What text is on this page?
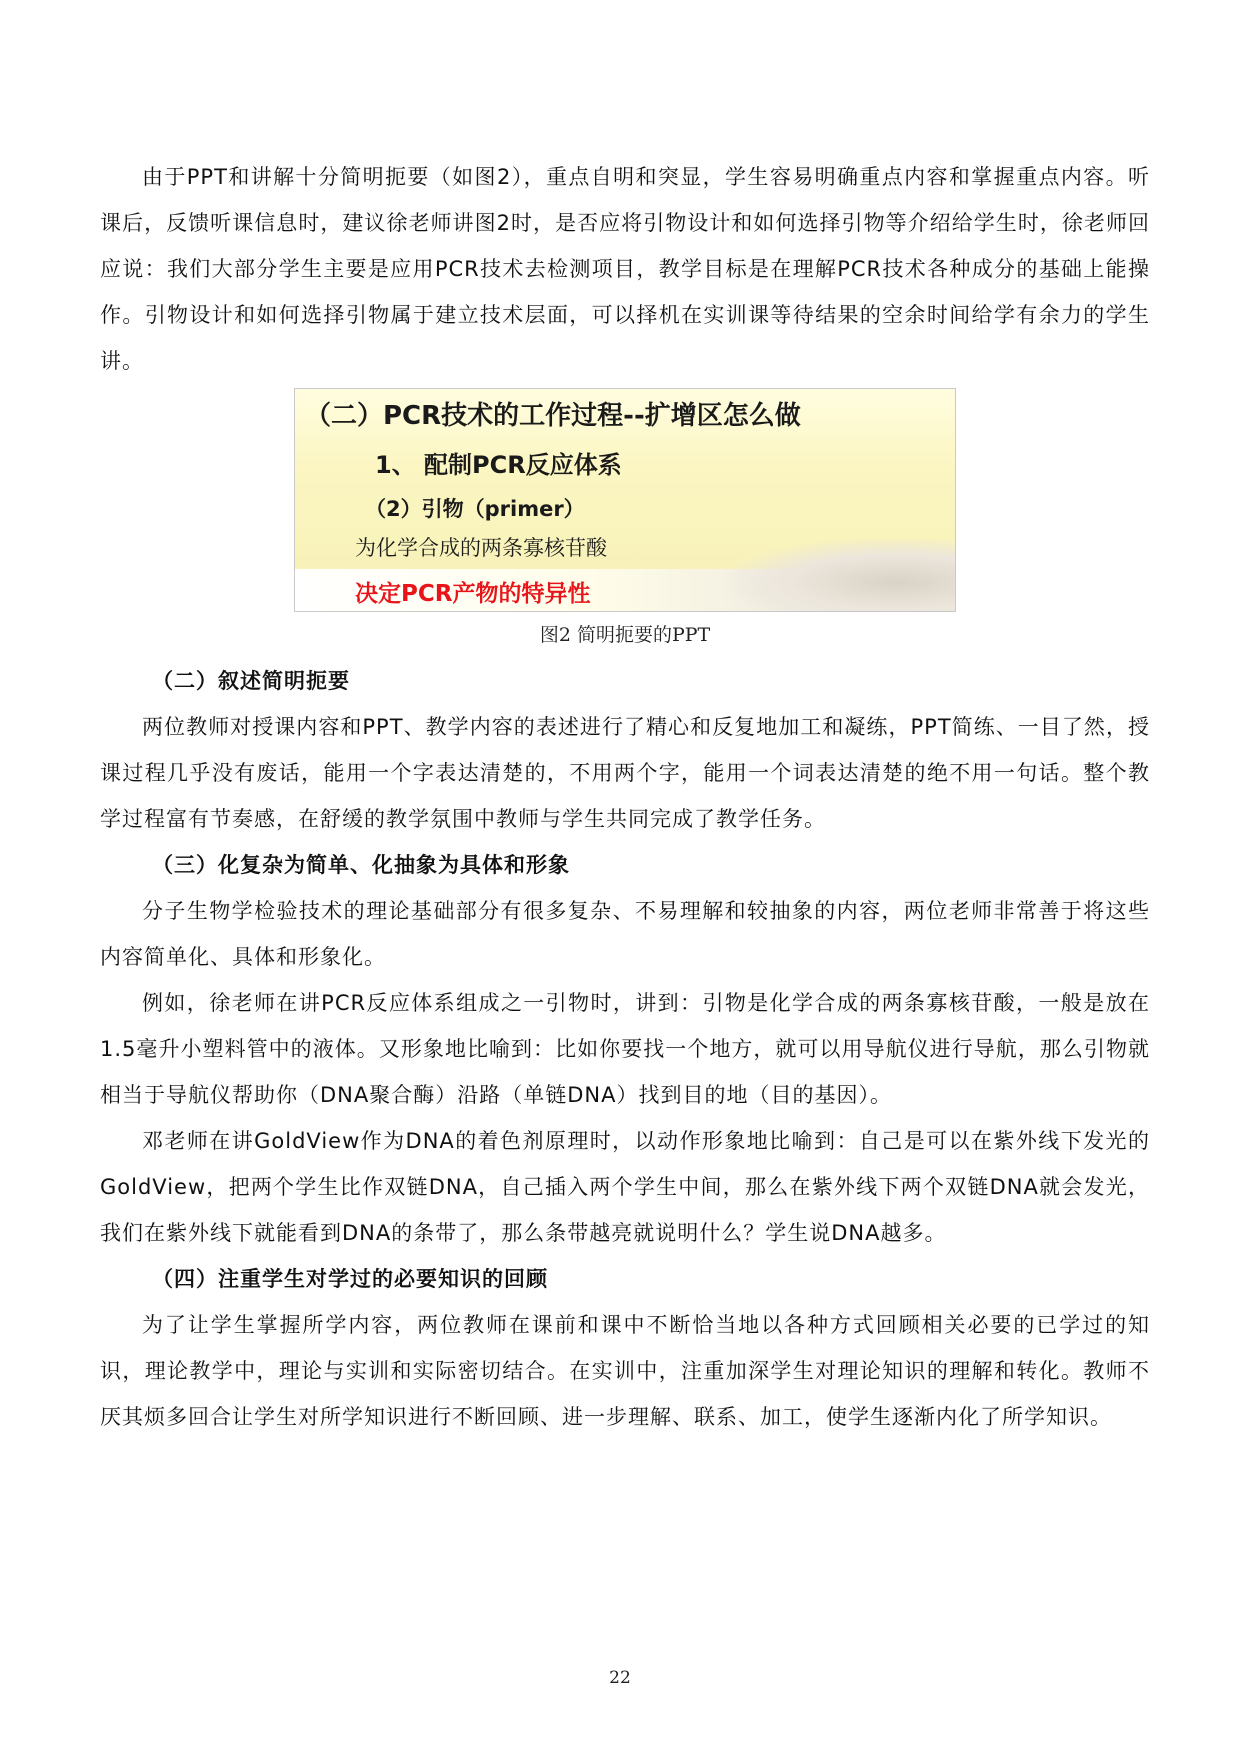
由于PPT和讲解十分简明扼要（如图2），重点自明和突显，学生容易明确重点内容和掌握重点内容。听课后，反馈听课信息时，建议徐老师讲图2时，是否应将引物设计和如何选择引物等介绍给学生时，徐老师回应说：我们大部分学生主要是应用PCR技术去检测项目，教学目标是在理解PCR技术各种成分的基础上能操作。引物设计和如何选择引物属于建立技术层面，可以择机在实训课等待结果的空余时间给学有余力的学生讲。

（二）PCR技术的工作过程--扩增区怎么做
1、 配制PCR反应体系
（2）引物（primer）
为化学合成的两条寡核苷酸
决定PCR产物的特异性

图2 简明扼要的PPT

（二）叙述简明扼要

两位教师对授课内容和PPT、教学内容的表述进行了精心和反复地加工和凝练，PPT简练、一目了然，授课过程几乎没有废话，能用一个字表达清楚的，不用两个字，能用一个词表达清楚的绝不用一句话。整个教学过程富有节奏感，在舒缓的教学氛围中教师与学生共同完成了教学任务。

（三）化复杂为简单、化抽象为具体和形象

分子生物学检验技术的理论基础部分有很多复杂、不易理解和较抽象的内容，两位老师非常善于将这些内容简单化、具体和形象化。

例如，徐老师在讲PCR反应体系组成之一引物时，讲到：引物是化学合成的两条寡核苷酸，一般是放在1.5毫升小塑料管中的液体。又形象地比喻到：比如你要找一个地方，就可以用导航仪进行导航，那么引物就相当于导航仪帮助你（DNA聚合酶）沿路（单链DNA）找到目的地（目的基因）。

邓老师在讲GoldView作为DNA的着色剂原理时，以动作形象地比喻到：自己是可以在紫外线下发光的GoldView，把两个学生比作双链DNA，自己插入两个学生中间，那么在紫外线下两个双链DNA就会发光，我们在紫外线下就能看到DNA的条带了，那么条带越亮就说明什么？学生说DNA越多。

（四）注重学生对学过的必要知识的回顾

为了让学生掌握所学内容，两位教师在课前和课中不断恰当地以各种方式回顾相关必要的已学过的知识，理论教学中，理论与实训和实际密切结合。在实训中，注重加深学生对理论知识的理解和转化。教师不厌其烦多回合让学生对所学知识进行不断回顾、进一步理解、联系、加工，使学生逐渐内化了所学知识。

22
